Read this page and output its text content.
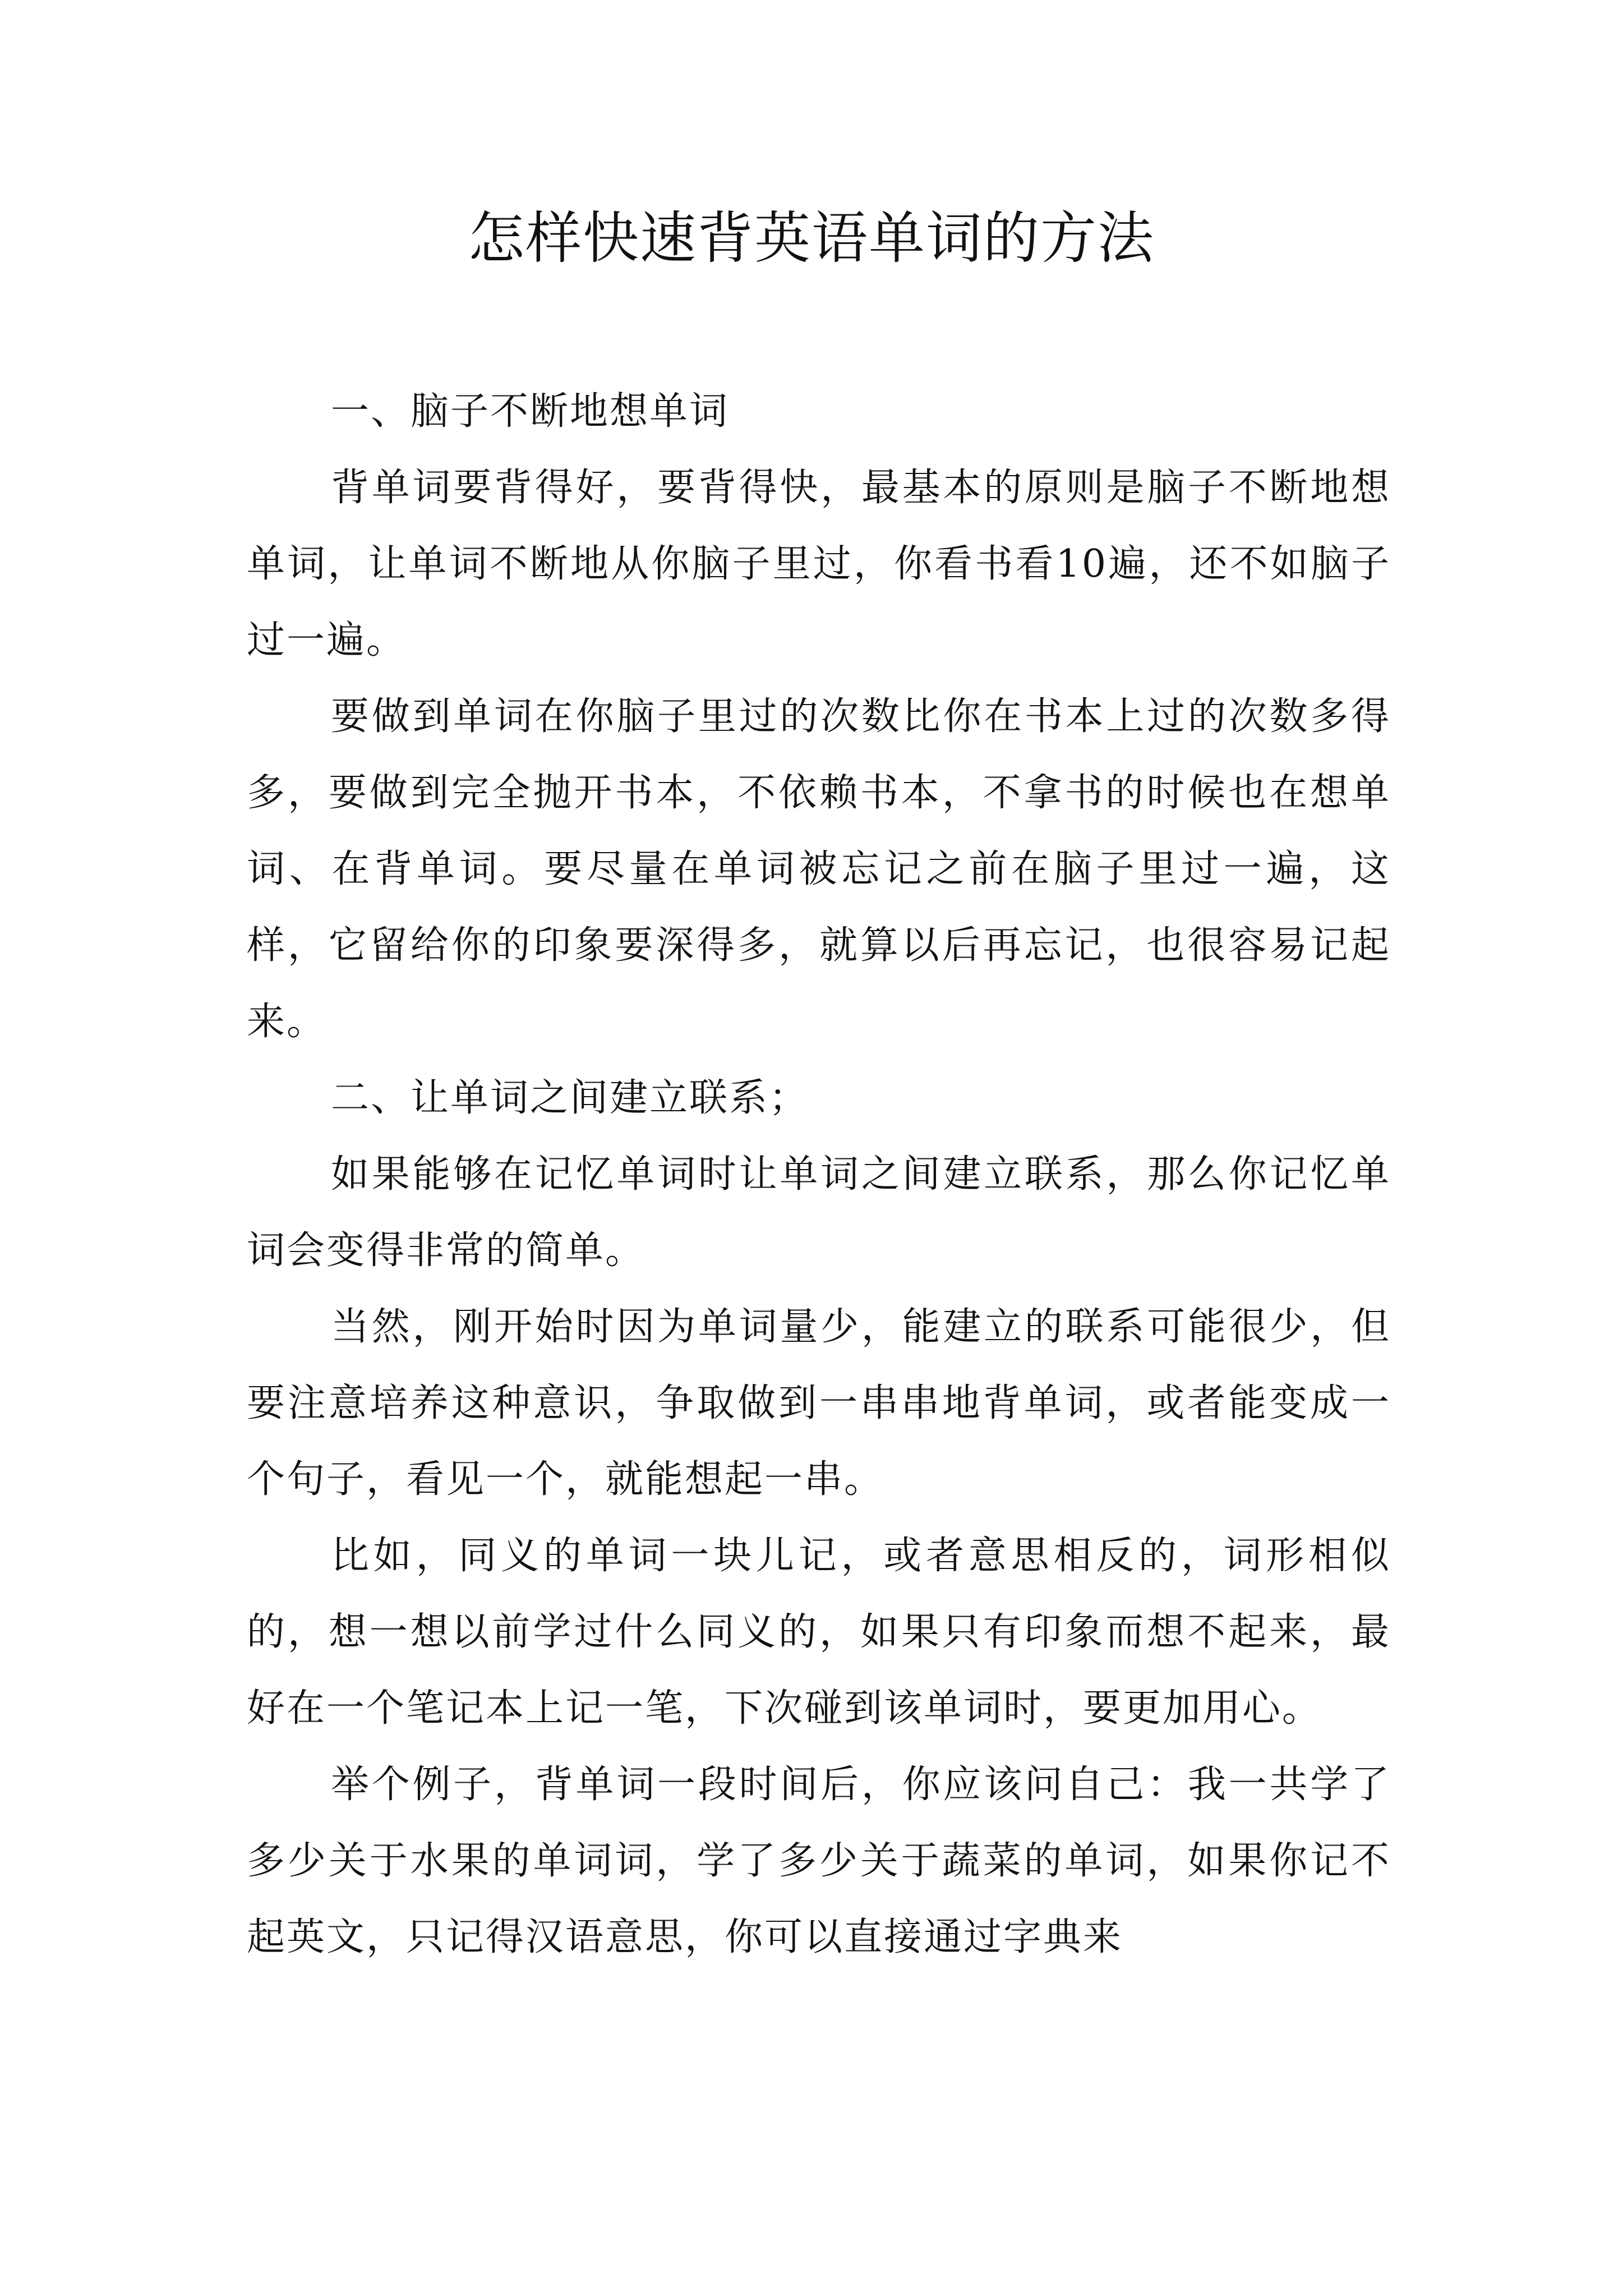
怎样快速背英语单词的方法

一、脑子不断地想单词

背单词要背得好，要背得快，最基本的原则是脑子不断地想单词，让单词不断地从你脑子里过，你看书看10遍，还不如脑子过一遍。

要做到单词在你脑子里过的次数比你在书本上过的次数多得多，要做到完全抛开书本，不依赖书本，不拿书的时候也在想单词、在背单词。要尽量在单词被忘记之前在脑子里过一遍，这样，它留给你的印象要深得多，就算以后再忘记，也很容易记起来。

二、让单词之间建立联系；

如果能够在记忆单词时让单词之间建立联系，那么你记忆单词会变得非常的简单。

当然，刚开始时因为单词量少，能建立的联系可能很少，但要注意培养这种意识，争取做到一串串地背单词，或者能变成一个句子，看见一个，就能想起一串。

比如，同义的单词一块儿记，或者意思相反的，词形相似的，想一想以前学过什么同义的，如果只有印象而想不起来，最好在一个笔记本上记一笔，下次碰到该单词时，要更加用心。

举个例子，背单词一段时间后，你应该问自己：我一共学了多少关于水果的单词词，学了多少关于蔬菜的单词，如果你记不起英文，只记得汉语意思，你可以直接通过字典来
